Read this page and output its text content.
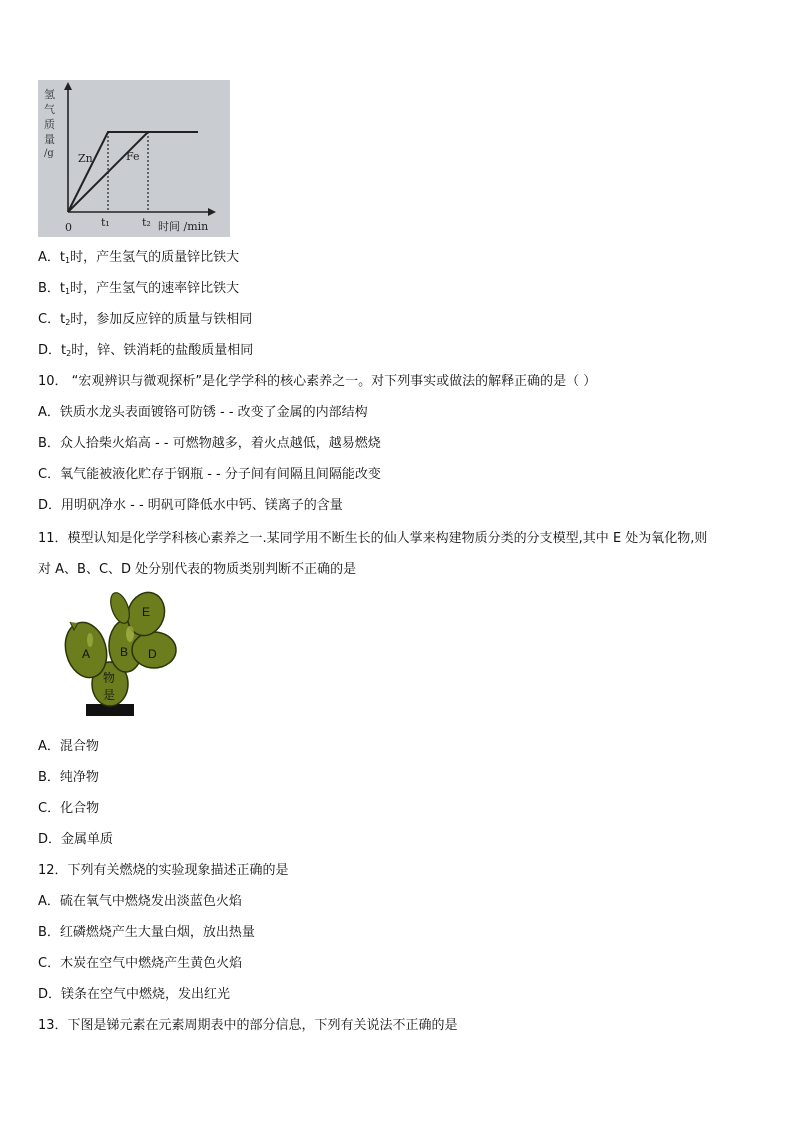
氢
气
质
量
/g Zn	Fe
0	t₁	t₂ 时间 /min
A．$t_1$时，产生氢气的质量锌比铁大
B．$t_1$时，产生氢气的速率锌比铁大
C．$t_2$时，参加反应锌的质量与铁相同
D．$t_2$时，锌、铁消耗的盐酸质量相同
10． “宏观辨识与微观探析”是化学学科的核心素养之一。对下列事实或做法的解释正确的是（ ）
A．铁质水龙头表面镀铬可防锈 - - 改变了金属的内部结构
B．众人拾柴火焰高 - - 可燃物越多，着火点越低，越易燃烧
C．氧气能被液化贮存于钢瓶 - - 分子间有间隔且间隔能改变
D．用明矾净水 - - 明矾可降低水中钙、镁离子的含量
11．模型认知是化学学科核心素养之一.某同学用不断生长的仙人掌来构建物质分类的分支模型,其中 E 处为氧化物,则
对 A、B、C、D 处分别代表的物质类别判断不正确的是
A B D
E
物
是
A．混合物
B．纯净物
C．化合物
D．金属单质
12．下列有关燃烧的实验现象描述正确的是
A．硫在氧气中燃烧发出淡蓝色火焰
B．红磷燃烧产生大量白烟，放出热量
C．木炭在空气中燃烧产生黄色火焰
D．镁条在空气中燃烧，发出红光
13．下图是锑元素在元素周期表中的部分信息，下列有关说法不正确的是
